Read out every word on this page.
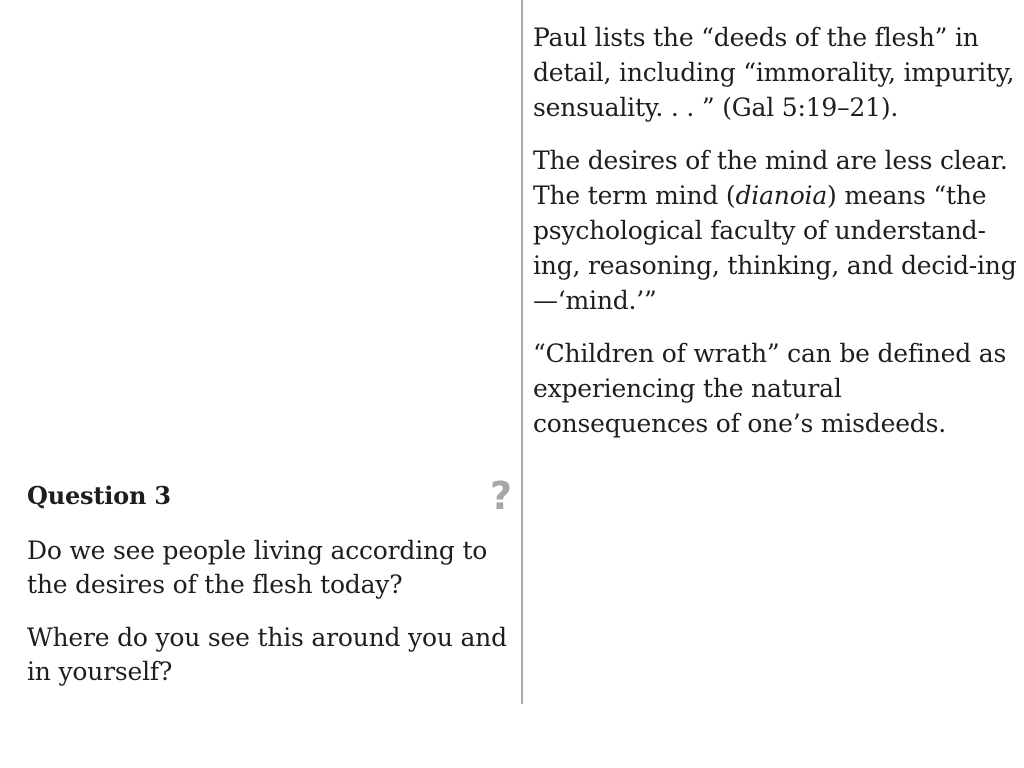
Paul lists the “deeds of the flesh” in detail, including “immorality, impurity, sensuality. . . ” (Gal 5:19–21).

The desires of the mind are less clear. The term mind (dianoia) means “the psychological faculty of understand-ing, reasoning, thinking, and decid-ing—‘mind.’”

“Children of wrath” can be defined as experiencing the natural consequences of one’s misdeeds.

Question 3	?

Do we see people living according to the desires of the flesh today?

Where do you see this around you and in yourself?
